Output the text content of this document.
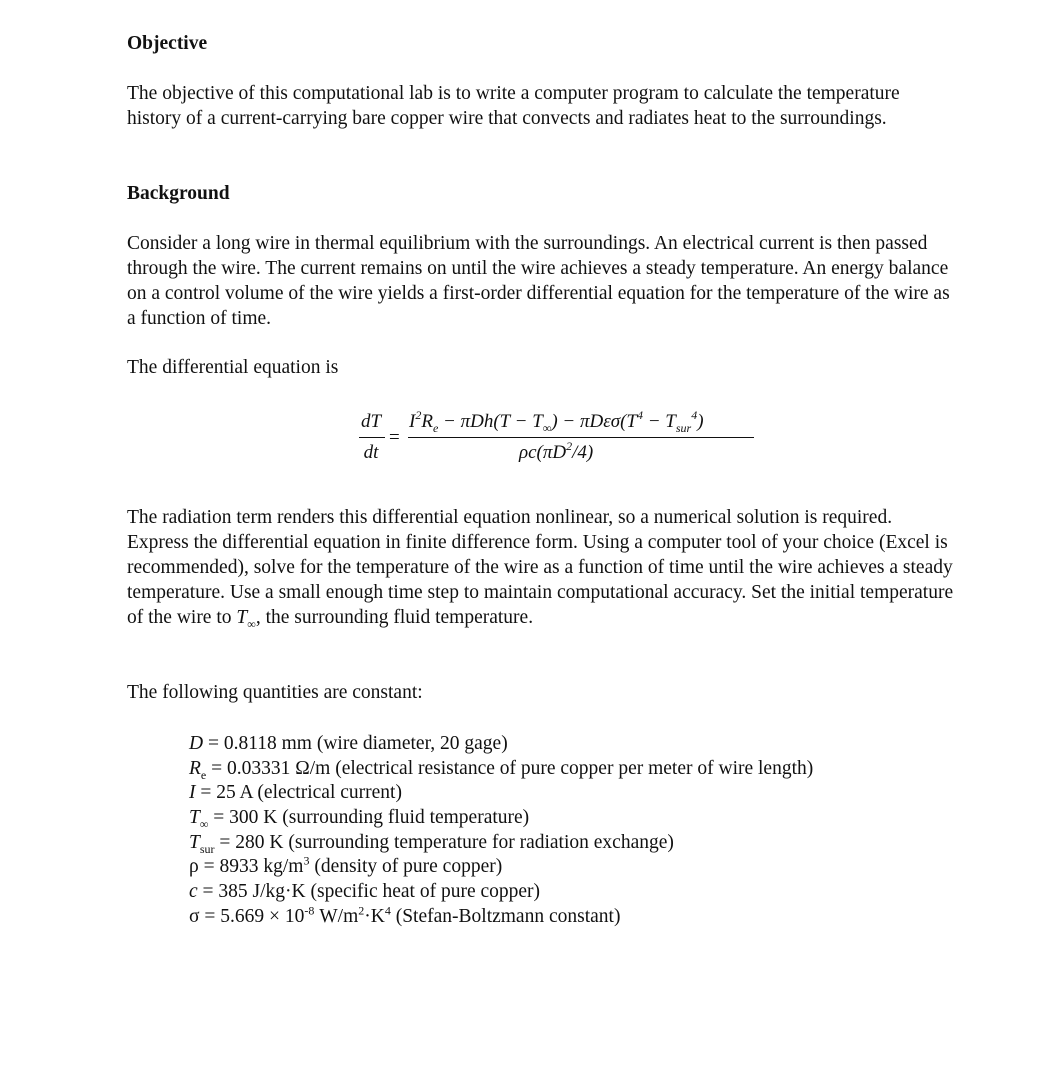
Objective

The objective of this computational lab is to write a computer program to calculate the temperature history of a current-carrying bare copper wire that convects and radiates heat to the surroundings.

Background

Consider a long wire in thermal equilibrium with the surroundings. An electrical current is then passed through the wire. The current remains on until the wire achieves a steady temperature. An energy balance on a control volume of the wire yields a first-order differential equation for the temperature of the wire as a function of time.

The differential equation is

dT
dt
=
$I^2R_e - \pi Dh(T - T_\infty) - \pi D\varepsilon\sigma(T^4 - T_{sur}^4)$
$\rho c(\pi D^2/4)$

The radiation term renders this differential equation nonlinear, so a numerical solution is required. Express the differential equation in finite difference form. Using a computer tool of your choice (Excel is recommended), solve for the temperature of the wire as a function of time until the wire achieves a steady temperature. Use a small enough time step to maintain computational accuracy. Set the initial temperature of the wire to $T_\infty$, the surrounding fluid temperature.

The following quantities are constant:

D = 0.8118 mm (wire diameter, 20 gage)
$R_e = 0.03331$ Ω/m (electrical resistance of pure copper per meter of wire length)
I = 25 A (electrical current)
$T_\infty = 300$ K (surrounding fluid temperature)
$T_{sur} = 280$ K (surrounding temperature for radiation exchange)
ρ = 8933 $kg/m^3$ (density of pure copper)
c = 385 J/kg·K (specific heat of pure copper)
$\sigma = 5.669 \times 10^{-8}$ $W/m^2\cdot K^4$ (Stefan-Boltzmann constant)
